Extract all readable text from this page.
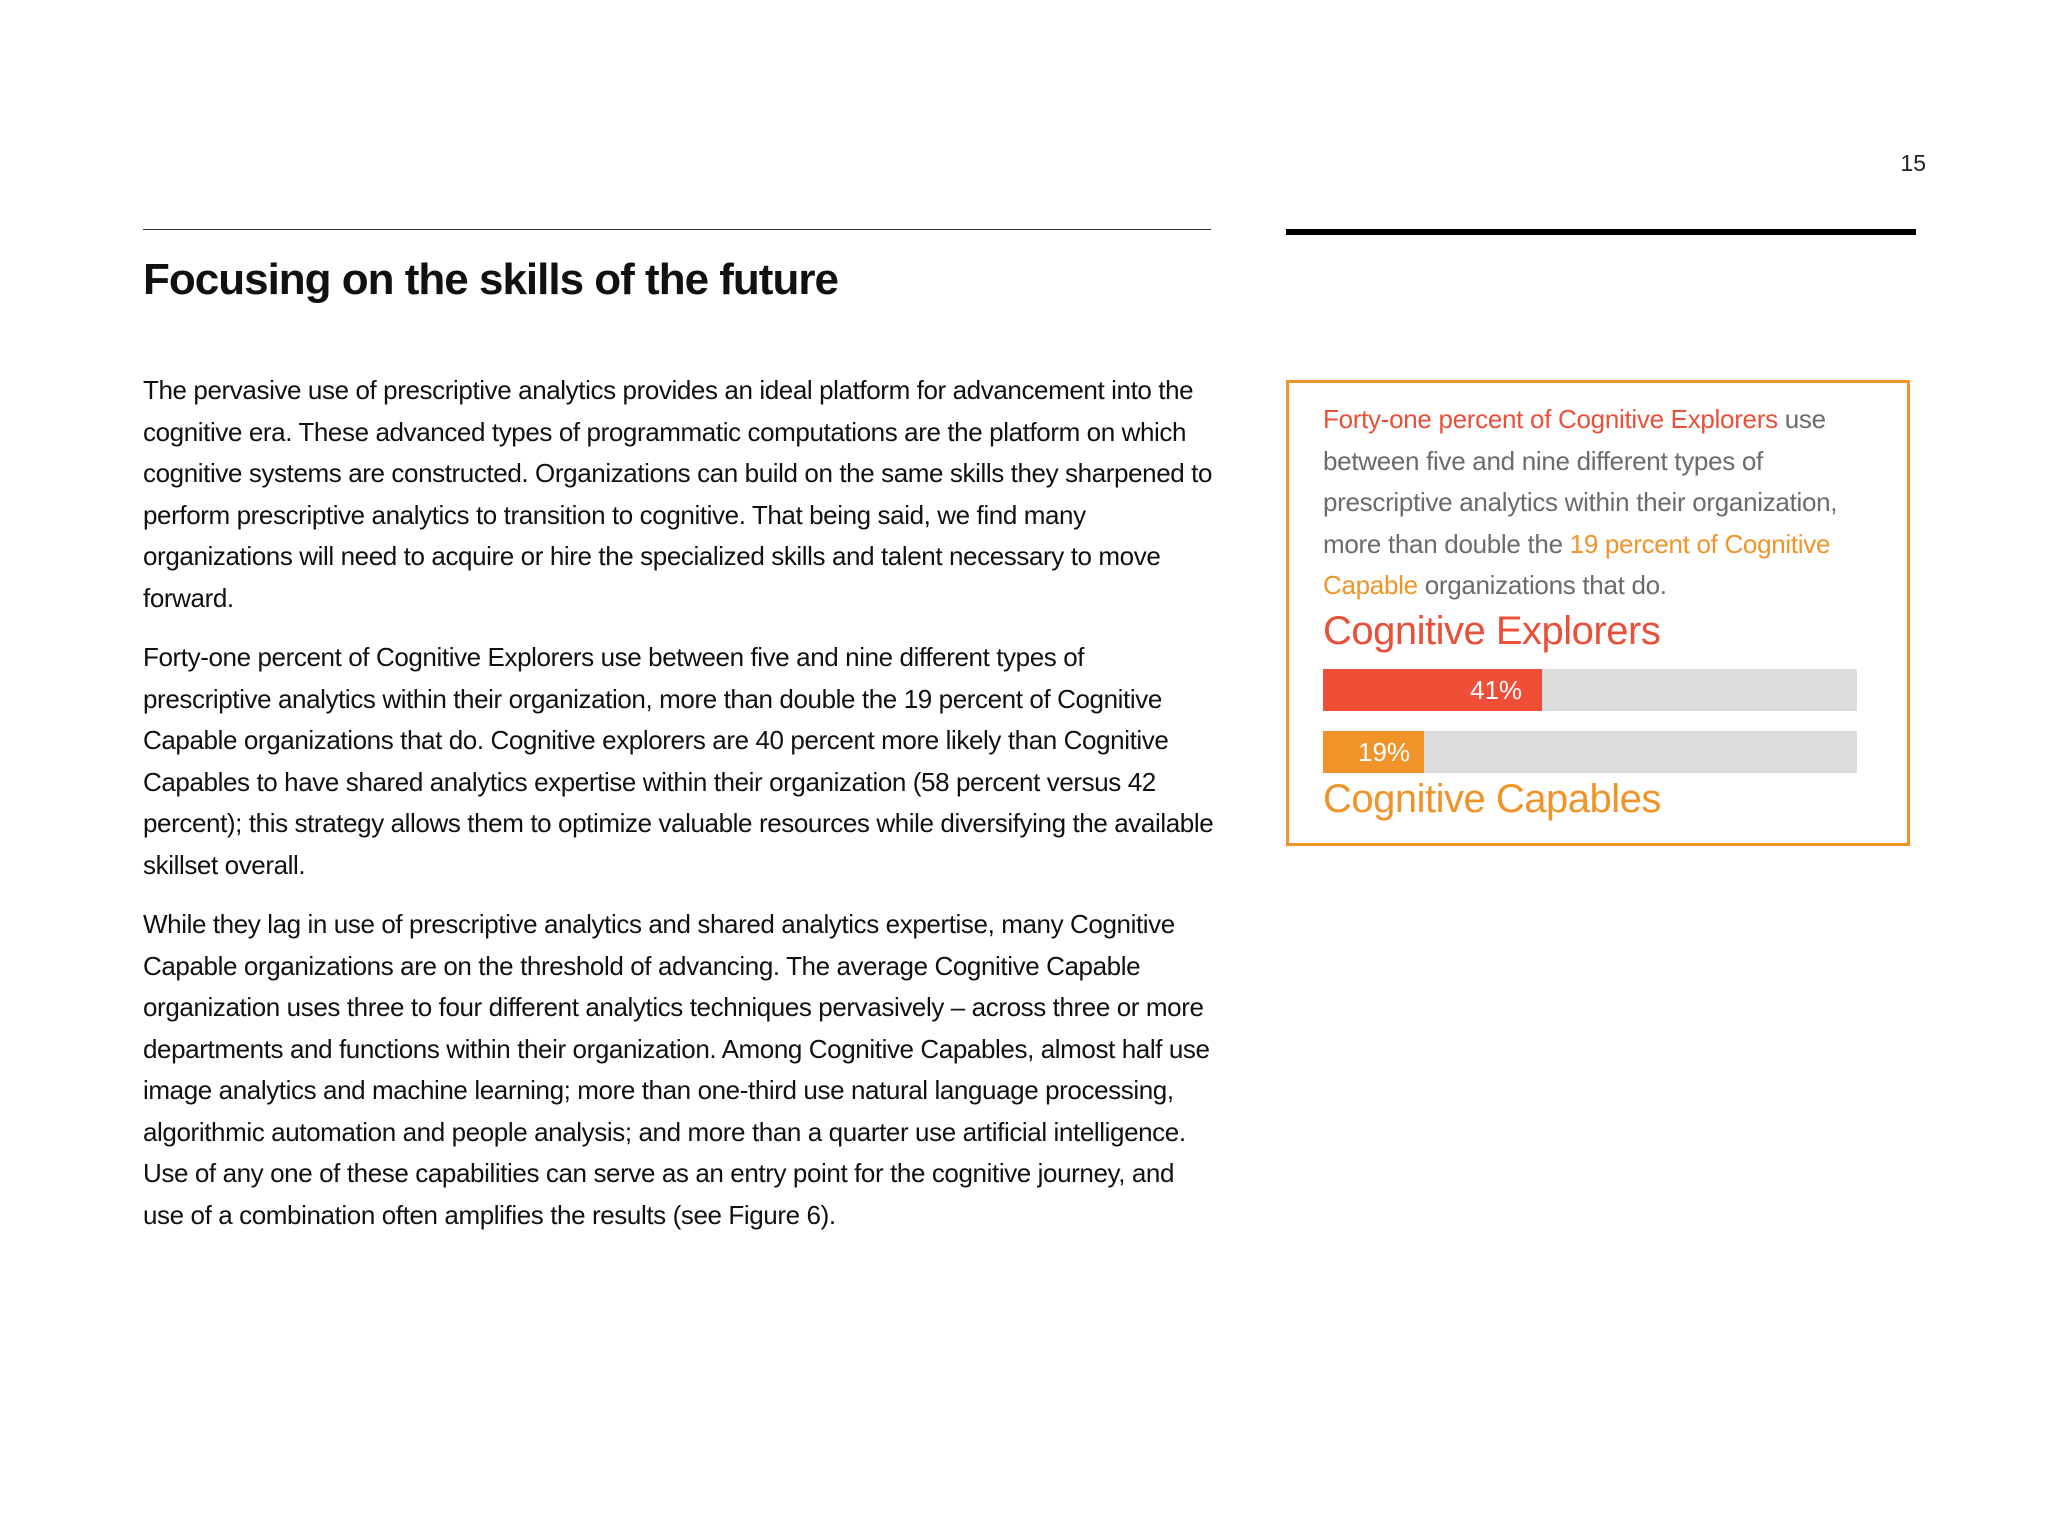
15
Focusing on the skills of the future

The pervasive use of prescriptive analytics provides an ideal platform for advancement into the cognitive era. These advanced types of programmatic computations are the platform on which cognitive systems are constructed. Organizations can build on the same skills they sharpened to perform prescriptive analytics to transition to cognitive. That being said, we find many organizations will need to acquire or hire the specialized skills and talent necessary to move forward.

Forty-one percent of Cognitive Explorers use between five and nine different types of prescriptive analytics within their organization, more than double the 19 percent of Cognitive Capable organizations that do. Cognitive explorers are 40 percent more likely than Cognitive Capables to have shared analytics expertise within their organization (58 percent versus 42 percent); this strategy allows them to optimize valuable resources while diversifying the available skillset overall.

While they lag in use of prescriptive analytics and shared analytics expertise, many Cognitive Capable organizations are on the threshold of advancing. The average Cognitive Capable organization uses three to four different analytics techniques pervasively – across three or more departments and functions within their organization. Among Cognitive Capables, almost half use image analytics and machine learning; more than one-third use natural language processing, algorithmic automation and people analysis; and more than a quarter use artificial intelligence. Use of any one of these capabilities can serve as an entry point for the cognitive journey, and use of a combination often amplifies the results (see Figure 6).

Forty-one percent of Cognitive Explorers use between five and nine different types of prescriptive analytics within their organization, more than double the 19 percent of Cognitive Capable organizations that do.
Cognitive Explorers
41%
19%
Cognitive Capables
